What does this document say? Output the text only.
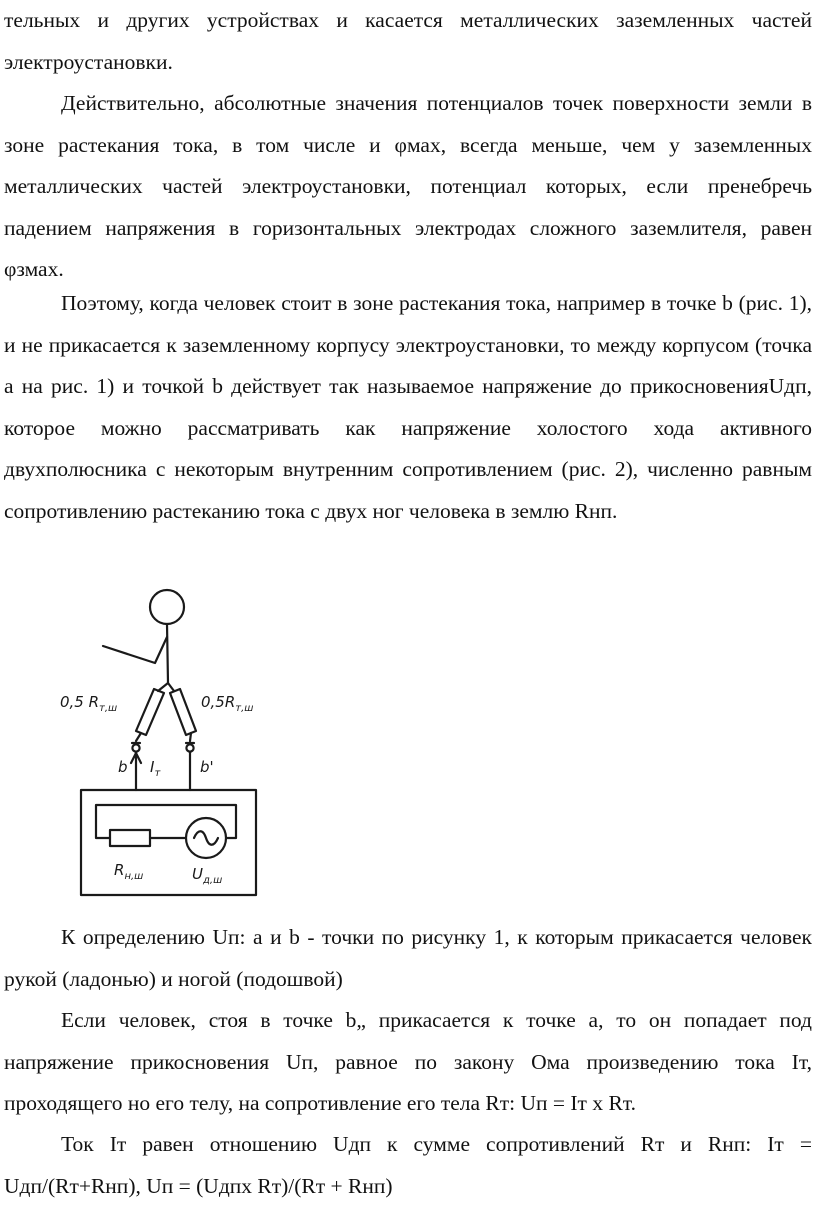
тельных и других устройствах и касается металлических заземленных частей электроустановки.

Действительно, абсолютные значения потенциалов точек поверхности земли в зоне растекания тока, в том числе и φмах, всегда меньше, чем у заземленных металлических частей электроустановки, потенциал которых, если пренебречь падением напряжения в горизонтальных электродах сложного заземлителя, равен φзмах.

Поэтому, когда человек стоит в зоне растекания тока, например в точке b (рис. 1), и не прикасается к заземленному корпусу электроустановки, то между корпусом (точка а на рис. 1) и точкой b действует так называемое напряжение до прикосновенияUдп, которое можно рассматривать как напряжение холостого хода активного двухполюсника с некоторым внутренним сопротивлением (рис. 2), численно равным сопротивлению растеканию тока с двух ног человека в землю Rнп.

0,5 $R_{т,ш}$	$0,5R_{т,ш}$
b $I_т$	b'
$R_{н,ш}$	$U_{д,ш}$

К определению Uп: а и b - точки по рисунку 1, к которым прикасается человек рукой (ладонью) и ногой (подошвой)

Если человек, стоя в точке b„ прикасается к точке а, то он попадает под напряжение прикосновения Uп, равное по закону Ома произведению тока Iт, проходящего но его телу, на сопротивление его тела Rт: Uп = Iт х Rт.

Ток Iт равен отношению Uдп к сумме сопротивлений Rт и Rнп: Iт = Uдп/(Rт+Rнп), Uп = (Uдпх Rт)/(Rт + Rнп)
